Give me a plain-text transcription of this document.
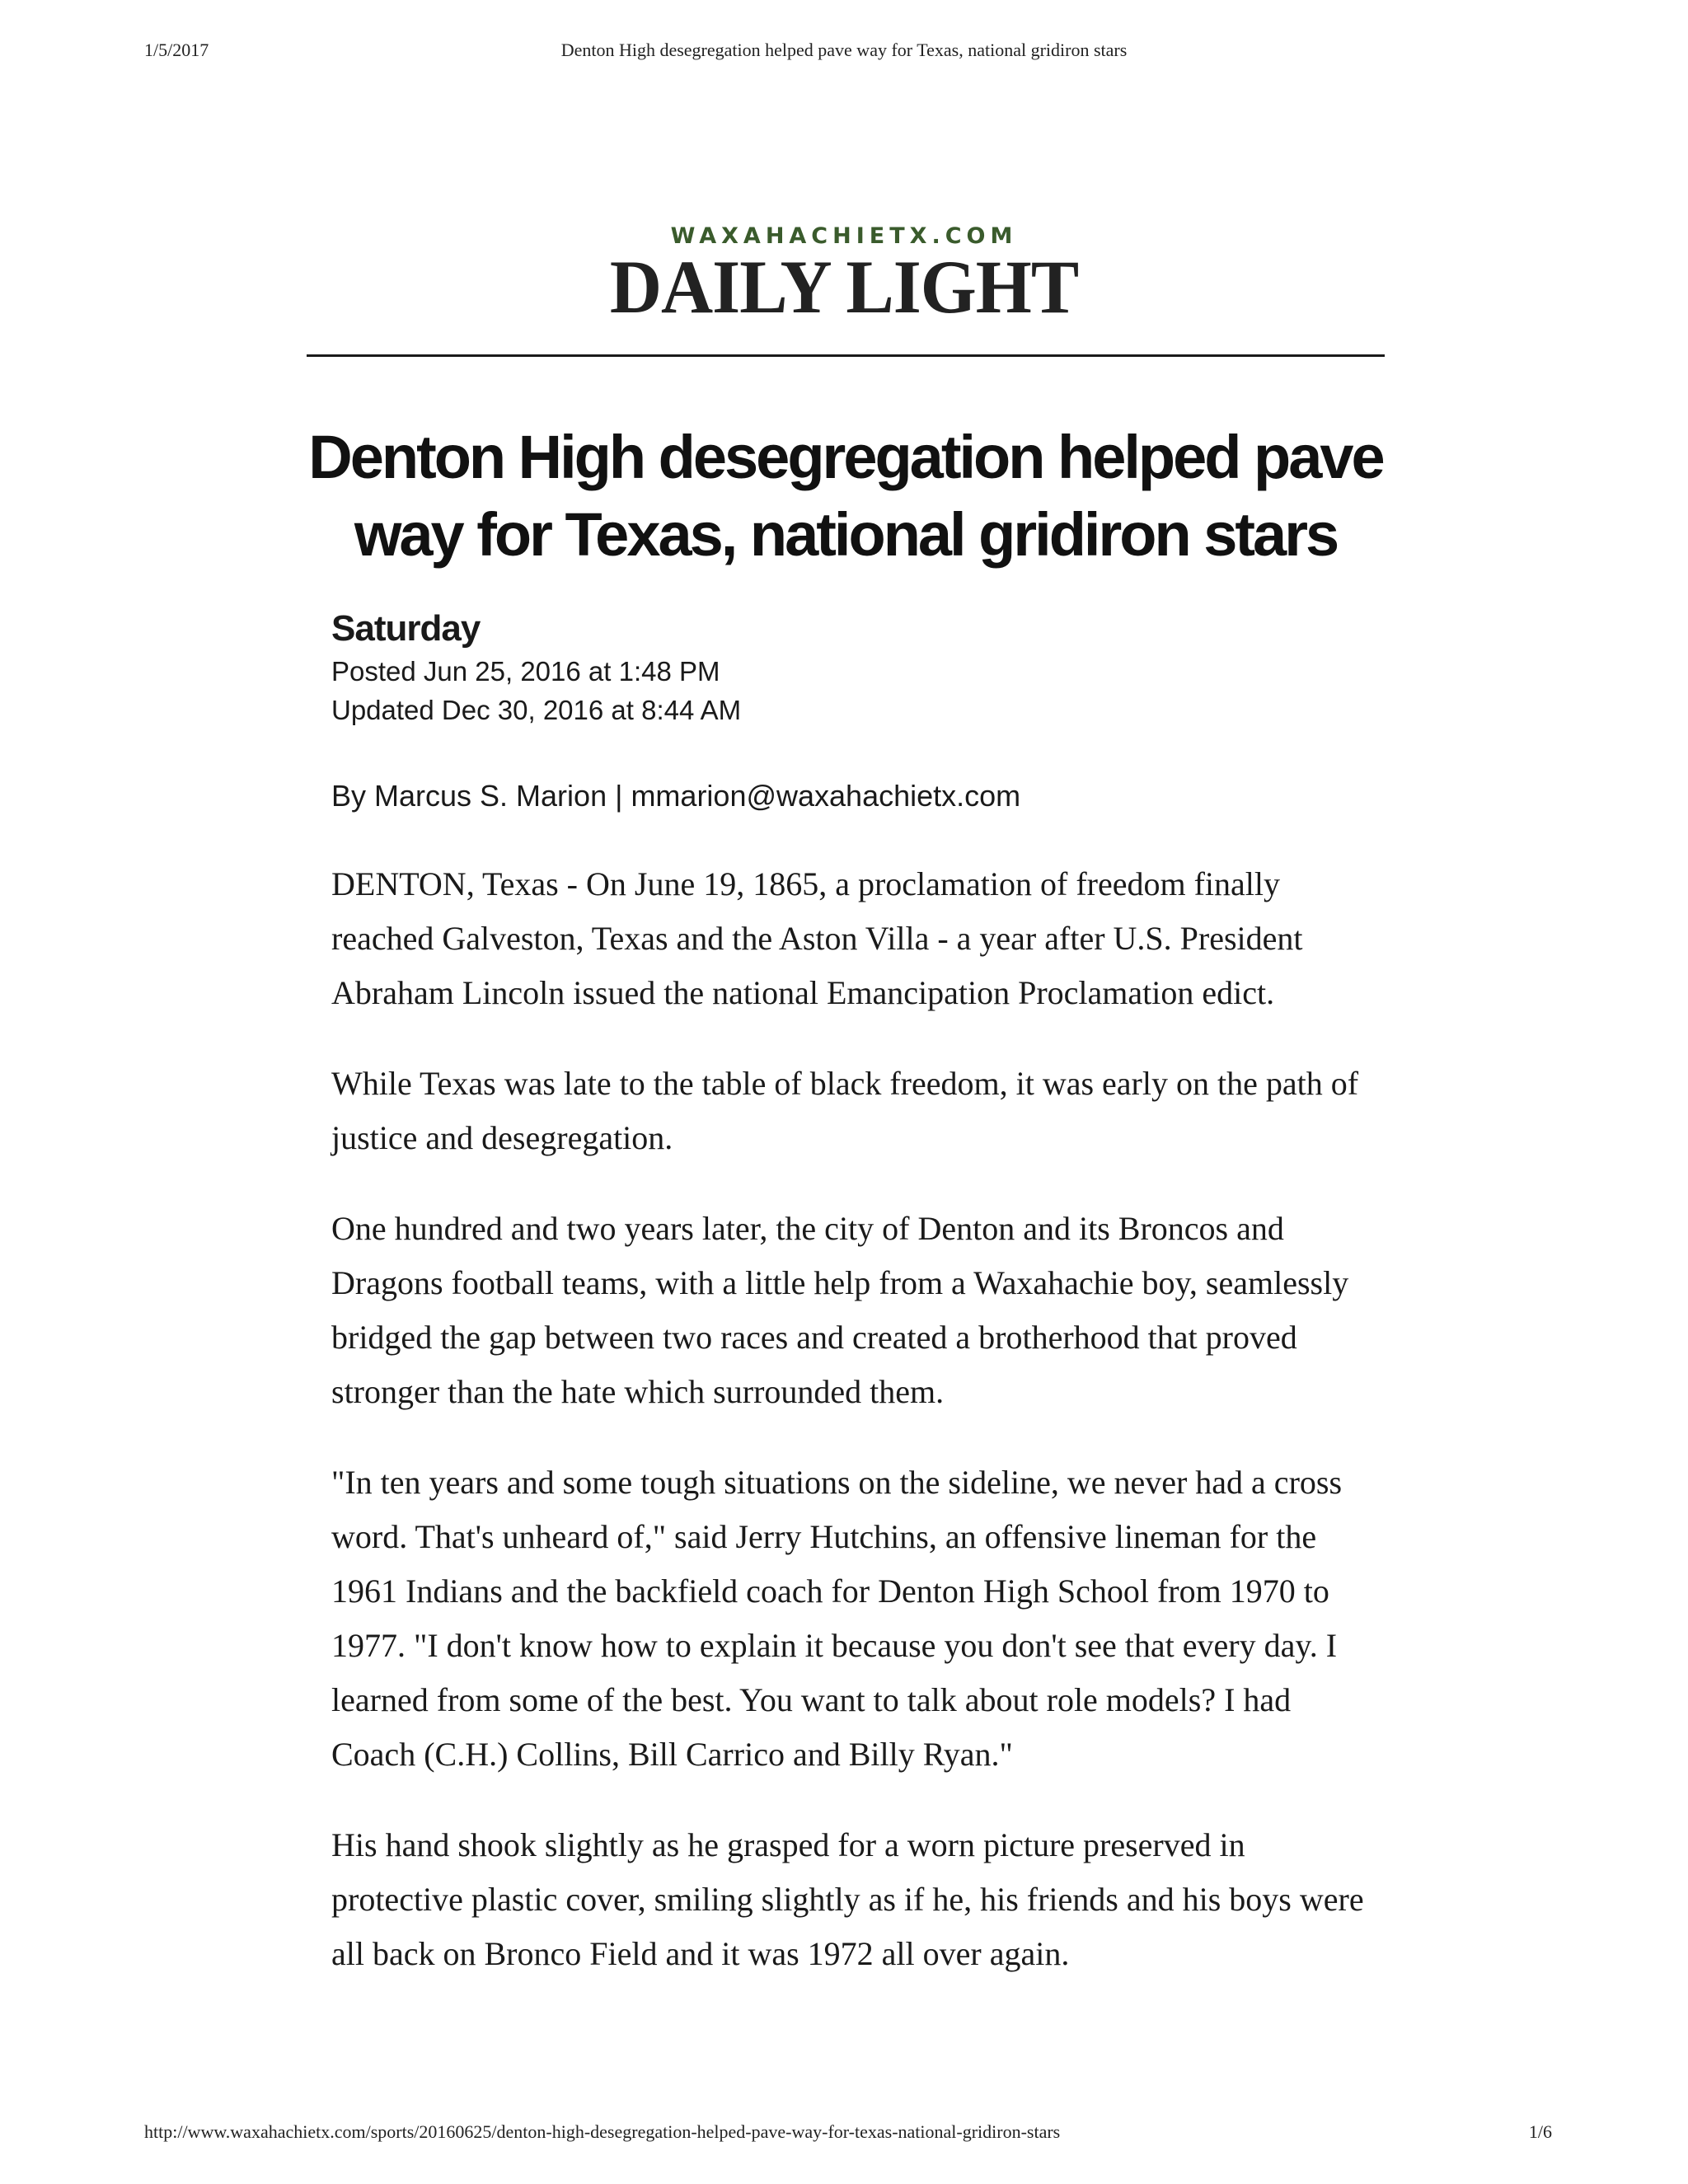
1/5/2017	Denton High desegregation helped pave way for Texas, national gridiron stars
WAXAHACHIETX.COM
DAILY LIGHT
Denton High desegregation helped pave way for Texas, national gridiron stars
Saturday
Posted Jun 25, 2016 at 1:48 PM
Updated Dec 30, 2016 at 8:44 AM
By Marcus S. Marion | mmarion@waxahachietx.com

DENTON, Texas - On June 19, 1865, a proclamation of freedom finally reached Galveston, Texas and the Aston Villa - a year after U.S. President Abraham Lincoln issued the national Emancipation Proclamation edict.

While Texas was late to the table of black freedom, it was early on the path of justice and desegregation.

One hundred and two years later, the city of Denton and its Broncos and Dragons football teams, with a little help from a Waxahachie boy, seamlessly bridged the gap between two races and created a brotherhood that proved stronger than the hate which surrounded them.

"In ten years and some tough situations on the sideline, we never had a cross word. That's unheard of," said Jerry Hutchins, an offensive lineman for the 1961 Indians and the backfield coach for Denton High School from 1970 to 1977. "I don't know how to explain it because you don't see that every day. I learned from some of the best. You want to talk about role models? I had Coach (C.H.) Collins, Bill Carrico and Billy Ryan."

His hand shook slightly as he grasped for a worn picture preserved in protective plastic cover, smiling slightly as if he, his friends and his boys were all back on Bronco Field and it was 1972 all over again.

http://www.waxahachietx.com/sports/20160625/denton-high-desegregation-helped-pave-way-for-texas-national-gridiron-stars	1/6
